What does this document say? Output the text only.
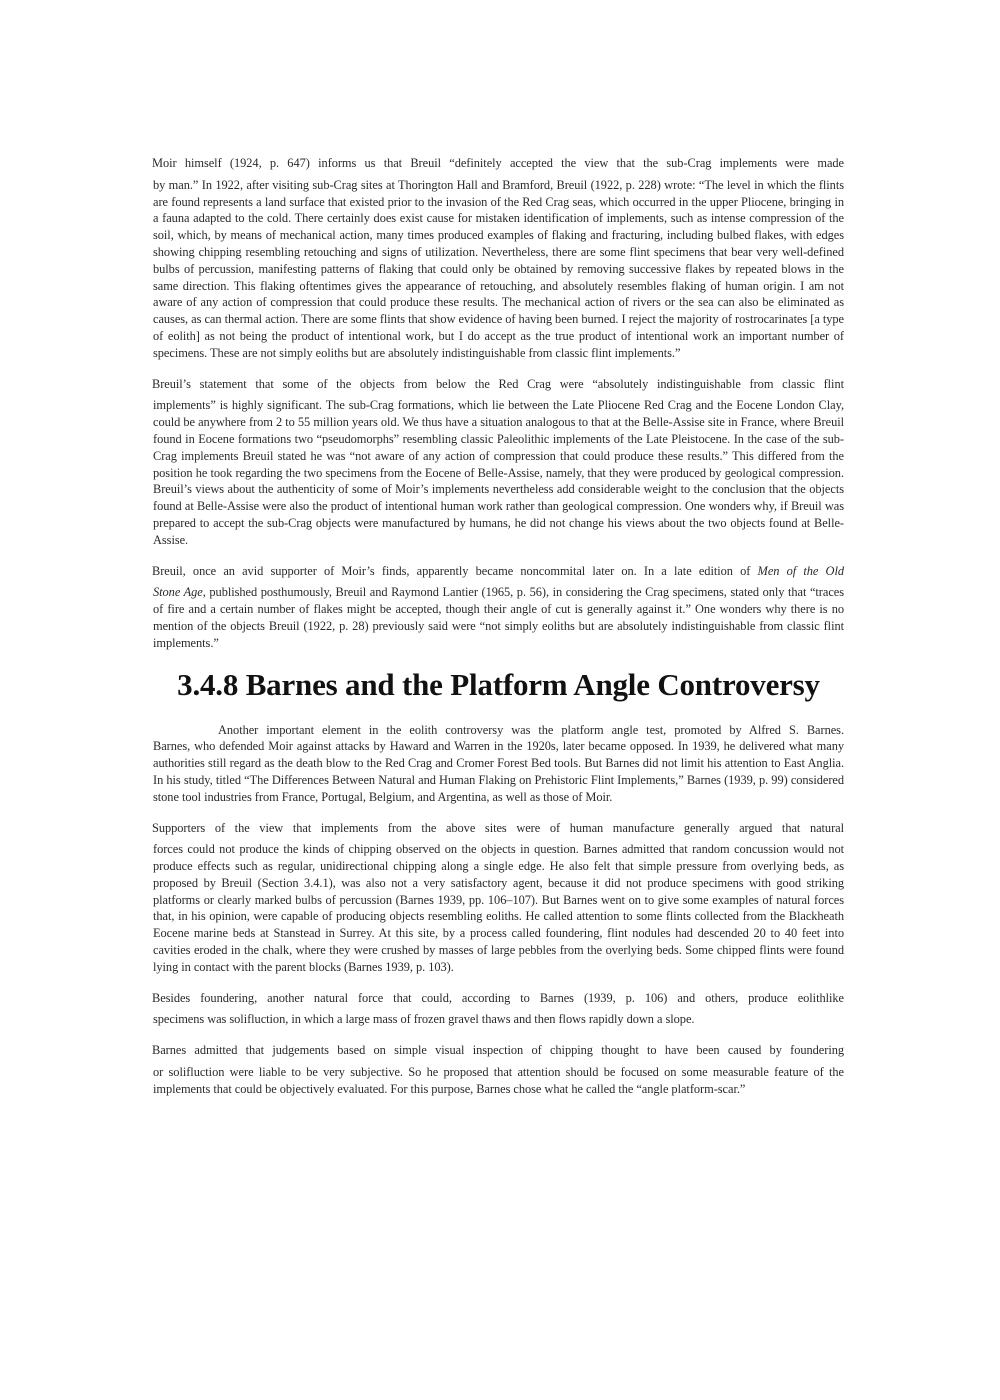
Moir himself (1924, p. 647) informs us that Breuil “definitely accepted the view that the sub-Crag implements were made
by man.” In 1922, after visiting sub-Crag sites at Thorington Hall and Bramford, Breuil (1922, p. 228) wrote: “The level in which the flints are found represents a land surface that existed prior to the invasion of the Red Crag seas, which occurred in the upper Pliocene, bringing in a fauna adapted to the cold. There certainly does exist cause for mistaken identification of implements, such as intense compression of the soil, which, by means of mechanical action, many times produced examples of flaking and fracturing, including bulbed flakes, with edges showing chipping resembling retouching and signs of utilization. Nevertheless, there are some flint specimens that bear very well-defined bulbs of percussion, manifesting patterns of flaking that could only be obtained by removing successive flakes by repeated blows in the same direction. This flaking oftentimes gives the appearance of retouching, and absolutely resembles flaking of human origin. I am not aware of any action of compression that could produce these results. The mechanical action of rivers or the sea can also be eliminated as causes, as can thermal action. There are some flints that show evidence of having been burned. I reject the majority of rostrocarinates [a type of eolith] as not being the product of intentional work, but I do accept as the true product of intentional work an important number of specimens. These are not simply eoliths but are absolutely indistinguishable from classic flint implements.”

Breuil’s statement that some of the objects from below the Red Crag were “absolutely indistinguishable from classic flint
implements” is highly significant. The sub-Crag formations, which lie between the Late Pliocene Red Crag and the Eocene London Clay, could be anywhere from 2 to 55 million years old. We thus have a situation analogous to that at the Belle-Assise site in France, where Breuil found in Eocene formations two “pseudomorphs” resembling classic Paleolithic implements of the Late Pleistocene. In the case of the sub-Crag implements Breuil stated he was “not aware of any action of compression that could produce these results.” This differed from the position he took regarding the two specimens from the Eocene of Belle-Assise, namely, that they were produced by geological compression. Breuil’s views about the authenticity of some of Moir’s implements nevertheless add considerable weight to the conclusion that the objects found at Belle-Assise were also the product of intentional human work rather than geological compression. One wonders why, if Breuil was prepared to accept the sub-Crag objects were manufactured by humans, he did not change his views about the two objects found at Belle-Assise.

Breuil, once an avid supporter of Moir’s finds, apparently became noncommital later on. In a late edition of Men of the Old
Stone Age, published posthumously, Breuil and Raymond Lantier (1965, p. 56), in considering the Crag specimens, stated only that “traces of fire and a certain number of flakes might be accepted, though their angle of cut is generally against it.” One wonders why there is no mention of the objects Breuil (1922, p. 28) previously said were “not simply eoliths but are absolutely indistinguishable from classic flint implements.”

3.4.8 Barnes and the Platform Angle Controversy

Another important element in the eolith controversy was the platform angle test, promoted by Alfred S. Barnes.
Barnes, who defended Moir against attacks by Haward and Warren in the 1920s, later became opposed. In 1939, he delivered what many authorities still regard as the death blow to the Red Crag and Cromer Forest Bed tools. But Barnes did not limit his attention to East Anglia. In his study, titled “The Differences Between Natural and Human Flaking on Prehistoric Flint Implements,” Barnes (1939, p. 99) considered stone tool industries from France, Portugal, Belgium, and Argentina, as well as those of Moir.

Supporters of the view that implements from the above sites were of human manufacture generally argued that natural
forces could not produce the kinds of chipping observed on the objects in question. Barnes admitted that random concussion would not produce effects such as regular, unidirectional chipping along a single edge. He also felt that simple pressure from overlying beds, as proposed by Breuil (Section 3.4.1), was also not a very satisfactory agent, because it did not produce specimens with good striking platforms or clearly marked bulbs of percussion (Barnes 1939, pp. 106–107). But Barnes went on to give some examples of natural forces that, in his opinion, were capable of producing objects resembling eoliths. He called attention to some flints collected from the Blackheath Eocene marine beds at Stanstead in Surrey. At this site, by a process called foundering, flint nodules had descended 20 to 40 feet into cavities eroded in the chalk, where they were crushed by masses of large pebbles from the overlying beds. Some chipped flints were found lying in contact with the parent blocks (Barnes 1939, p. 103).

Besides foundering, another natural force that could, according to Barnes (1939, p. 106) and others, produce eolithlike
specimens was solifluction, in which a large mass of frozen gravel thaws and then flows rapidly down a slope.

Barnes admitted that judgements based on simple visual inspection of chipping thought to have been caused by foundering
or solifluction were liable to be very subjective. So he proposed that attention should be focused on some measurable feature of the implements that could be objectively evaluated. For this purpose, Barnes chose what he called the “angle platform-scar.”
